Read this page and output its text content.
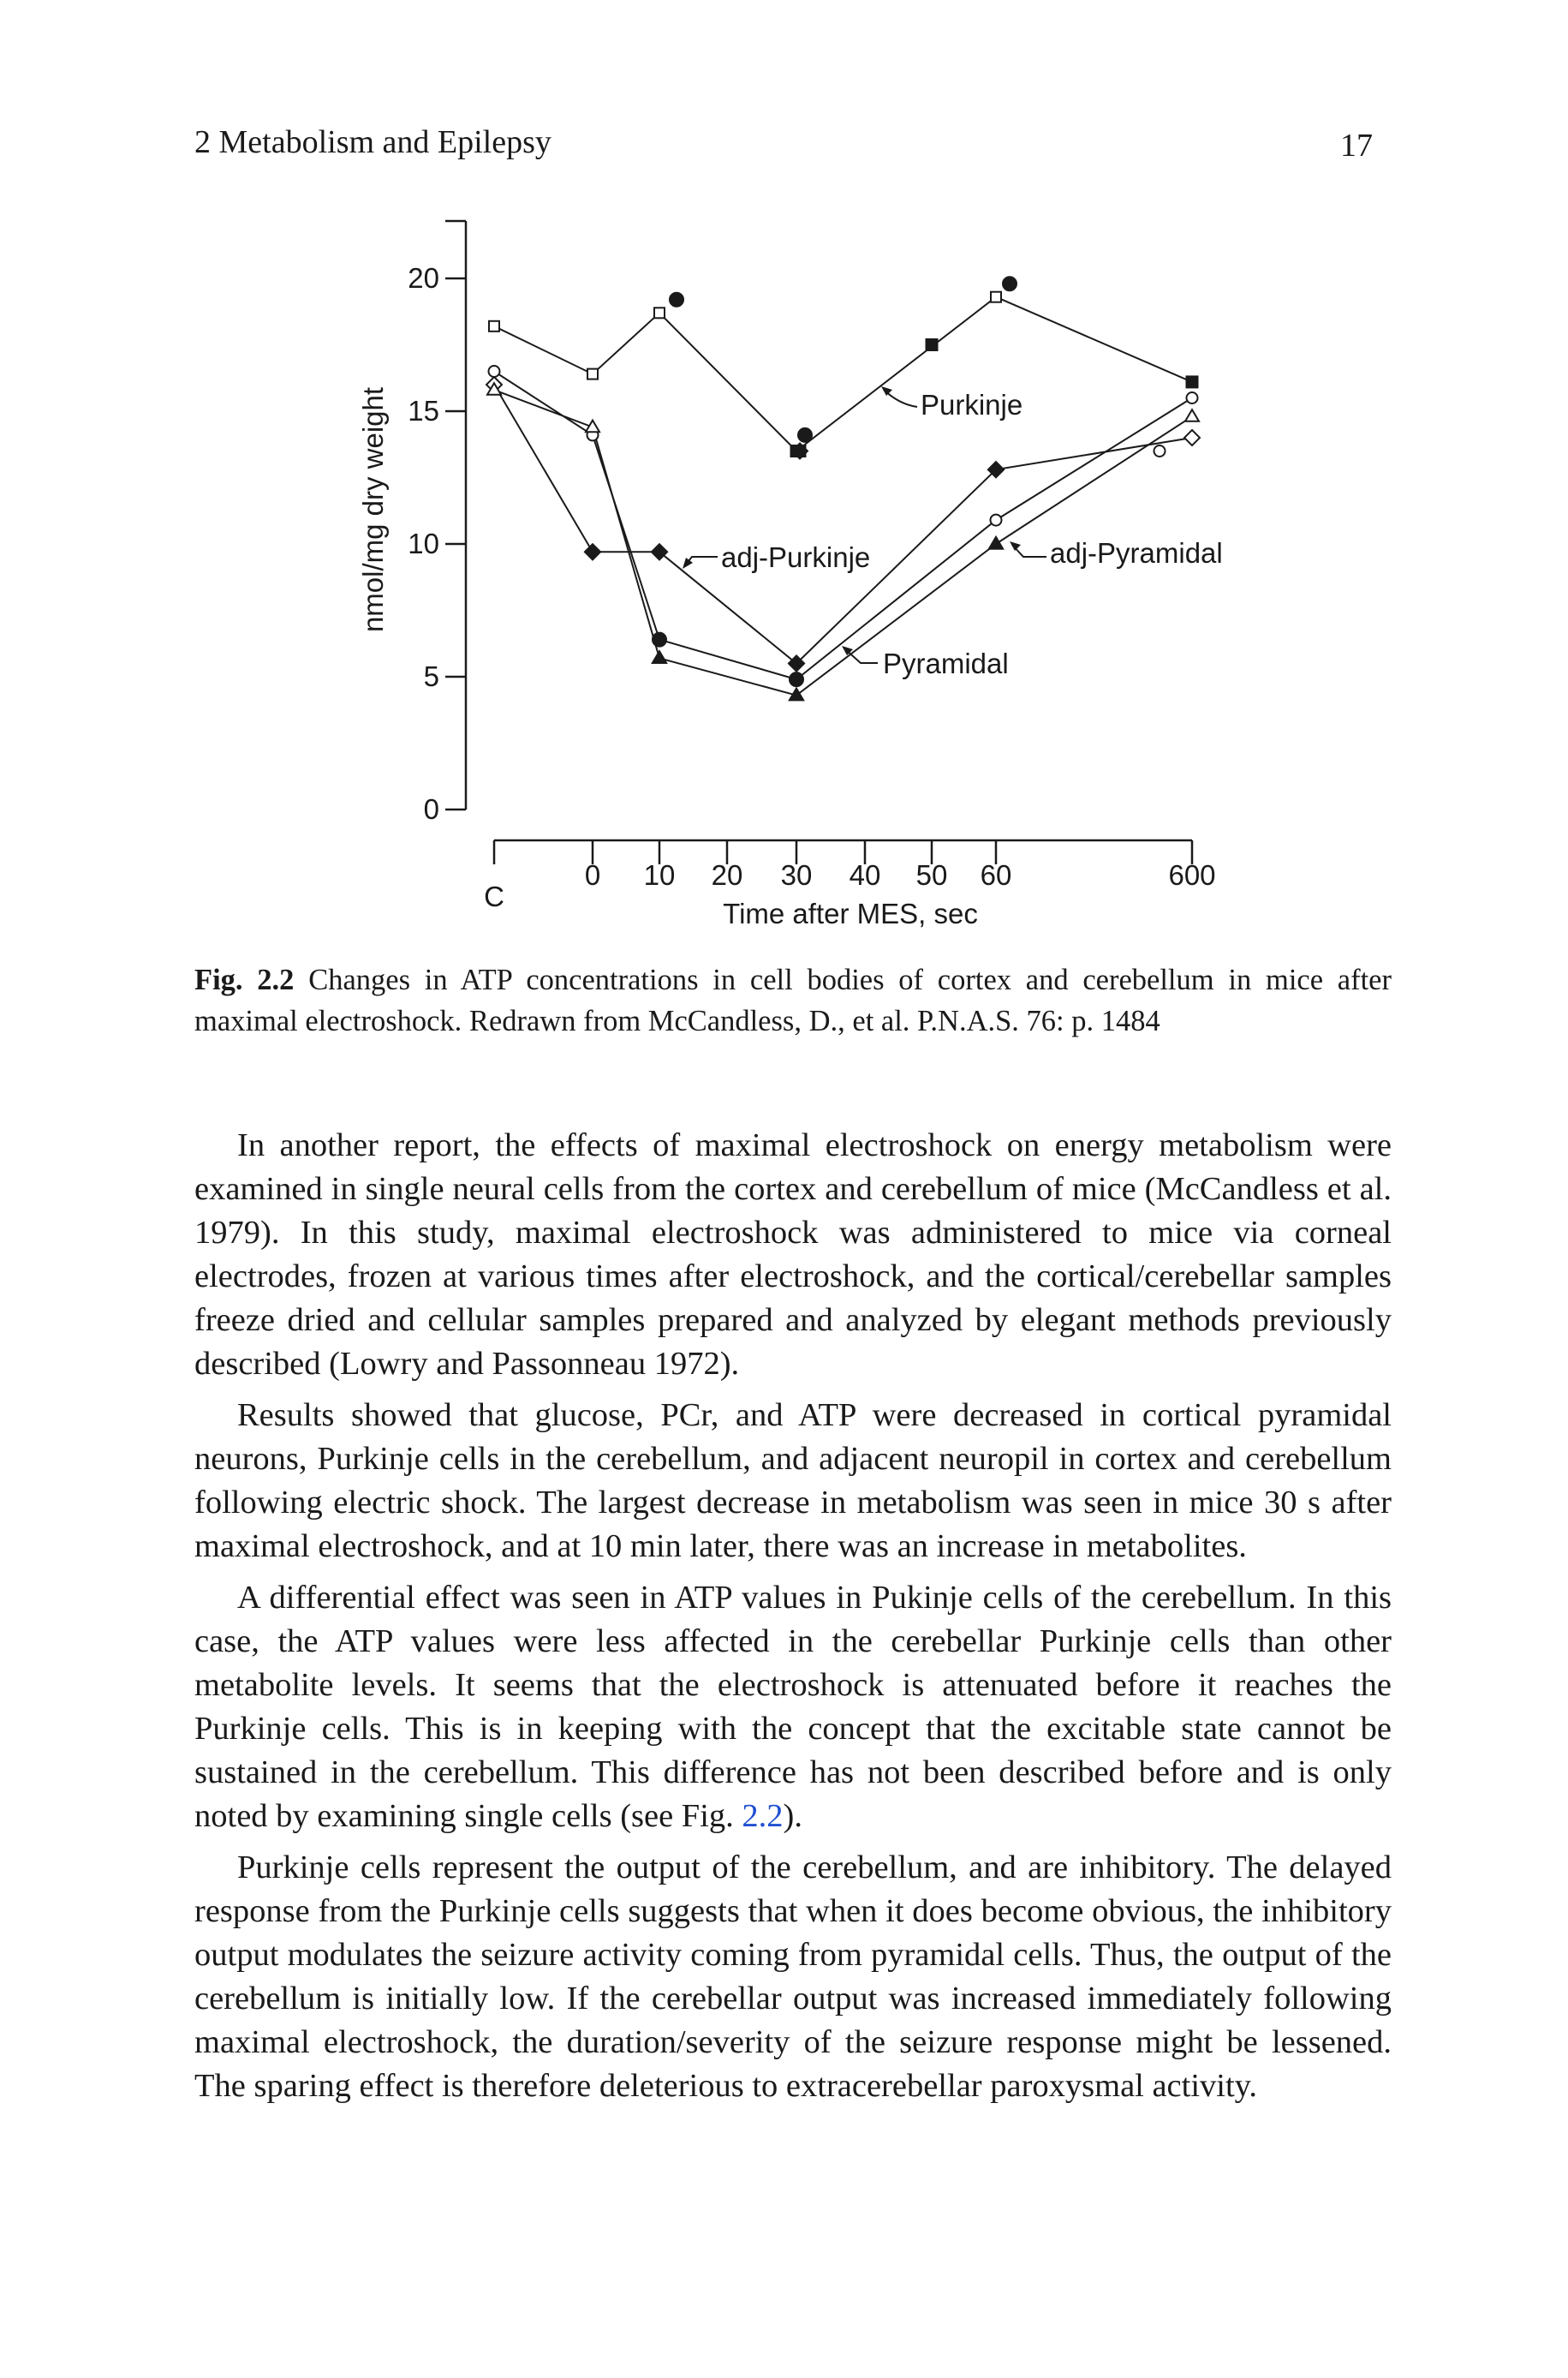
2 Metabolism and Epilepsy	17
0
5
10
15
20
nmol/mg dry weight
C
0 10 20 30 40 50 60	600
Time after MES, sec
Purkinje
adj-Purkinje
Pyramidal
adj-Pyramidal
Fig. 2.2 Changes in ATP concentrations in cell bodies of cortex and cerebellum in mice after maximal electroshock. Redrawn from McCandless, D., et al. P.N.A.S. 76: p. 1484

In another report, the effects of maximal electroshock on energy metabolism were examined in single neural cells from the cortex and cerebellum of mice (McCandless et al. 1979). In this study, maximal electroshock was administered to mice via corneal electrodes, frozen at various times after electroshock, and the cortical/cerebellar samples freeze dried and cellular samples prepared and analyzed by elegant methods previously described (Lowry and Passonneau 1972).

Results showed that glucose, PCr, and ATP were decreased in cortical pyramidal neurons, Purkinje cells in the cerebellum, and adjacent neuropil in cortex and cerebellum following electric shock. The largest decrease in metabolism was seen in mice 30 s after maximal electroshock, and at 10 min later, there was an increase in metabolites.

A differential effect was seen in ATP values in Pukinje cells of the cerebellum. In this case, the ATP values were less affected in the cerebellar Purkinje cells than other metabolite levels. It seems that the electroshock is attenuated before it reaches the Purkinje cells. This is in keeping with the concept that the excitable state cannot be sustained in the cerebellum. This difference has not been described before and is only noted by examining single cells (see Fig. 2.2).

Purkinje cells represent the output of the cerebellum, and are inhibitory. The delayed response from the Purkinje cells suggests that when it does become obvious, the inhibitory output modulates the seizure activity coming from pyramidal cells. Thus, the output of the cerebellum is initially low. If the cerebellar output was increased immediately following maximal electroshock, the duration/severity of the seizure response might be lessened. The sparing effect is therefore deleterious to extracerebellar paroxysmal activity.
